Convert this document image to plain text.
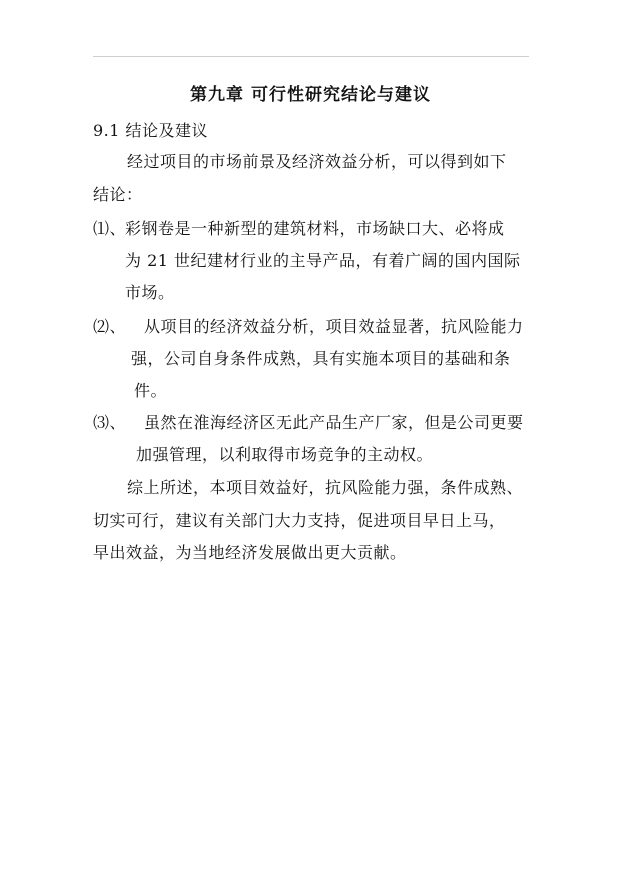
第九章 可行性研究结论与建议
9.1 结论及建议
经过项目的市场前景及经济效益分析，可以得到如下
结论：
⑴、
彩钢卷是一种新型的建筑材料，市场缺口大、必将成
为 21 世纪建材行业的主导产品，有着广阔的国内国际
市场。
⑵、 从项目的经济效益分析，项目效益显著，抗风险能力
强，公司自身条件成熟，具有实施本项目的基础和条
件。
⑶、 虽然在淮海经济区无此产品生产厂家，但是公司更要
加强管理，以利取得市场竞争的主动权。
综上所述，本项目效益好，抗风险能力强，条件成熟、
切实可行，建议有关部门大力支持，促进项目早日上马，
早出效益，为当地经济发展做出更大贡献。
